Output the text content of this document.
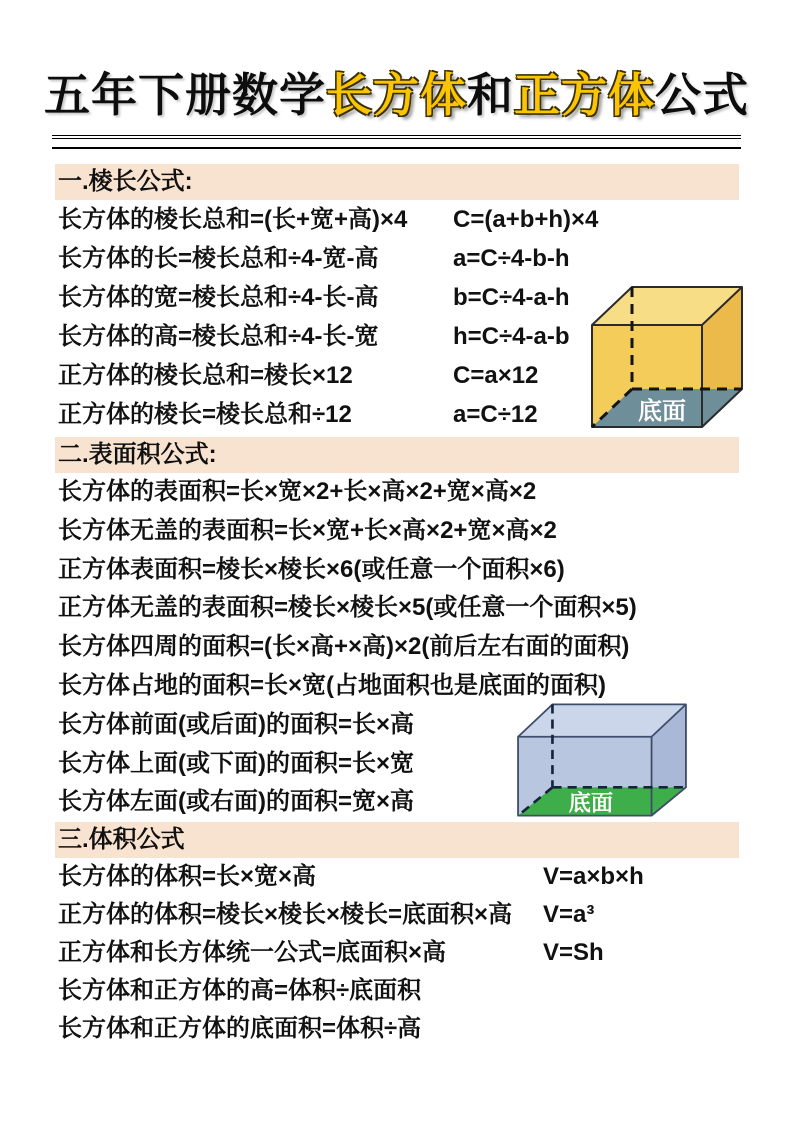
五年下册数学长方体和正方体公式
一.棱长公式:
长方体的棱长总和=(长+宽+高)×4 C=(a+b+h)×4
长方体的长=棱长总和÷4-宽-高	a=C÷4-b-h
长方体的宽=棱长总和÷4-长-高	b=C÷4-a-h
长方体的高=棱长总和÷4-长-宽	h=C÷4-a-b
正方体的棱长总和=棱长×12	C=a×12
正方体的棱长=棱长总和÷12	a=C÷12	底面
二.表面积公式:
长方体的表面积=长×宽×2+长×高×2+宽×高×2
长方体无盖的表面积=长×宽+长×高×2+宽×高×2
正方体表面积=棱长×棱长×6(或任意一个面积×6)
正方体无盖的表面积=棱长×棱长×5(或任意一个面积×5)
长方体四周的面积=(长×高+×高)×2(前后左右面的面积)
长方体占地的面积=长×宽(占地面积也是底面的面积)
长方体前面(或后面)的面积=长×高
长方体上面(或下面)的面积=长×宽
长方体左面(或右面)的面积=宽×高	底面
三.体积公式
长方体的体积=长×宽×高	V=a×b×h
正方体的体积=棱长×棱长×棱长=底面积×高 V=a³
正方体和长方体统一公式=底面积×高	V=Sh
长方体和正方体的高=体积÷底面积
长方体和正方体的底面积=体积÷高
